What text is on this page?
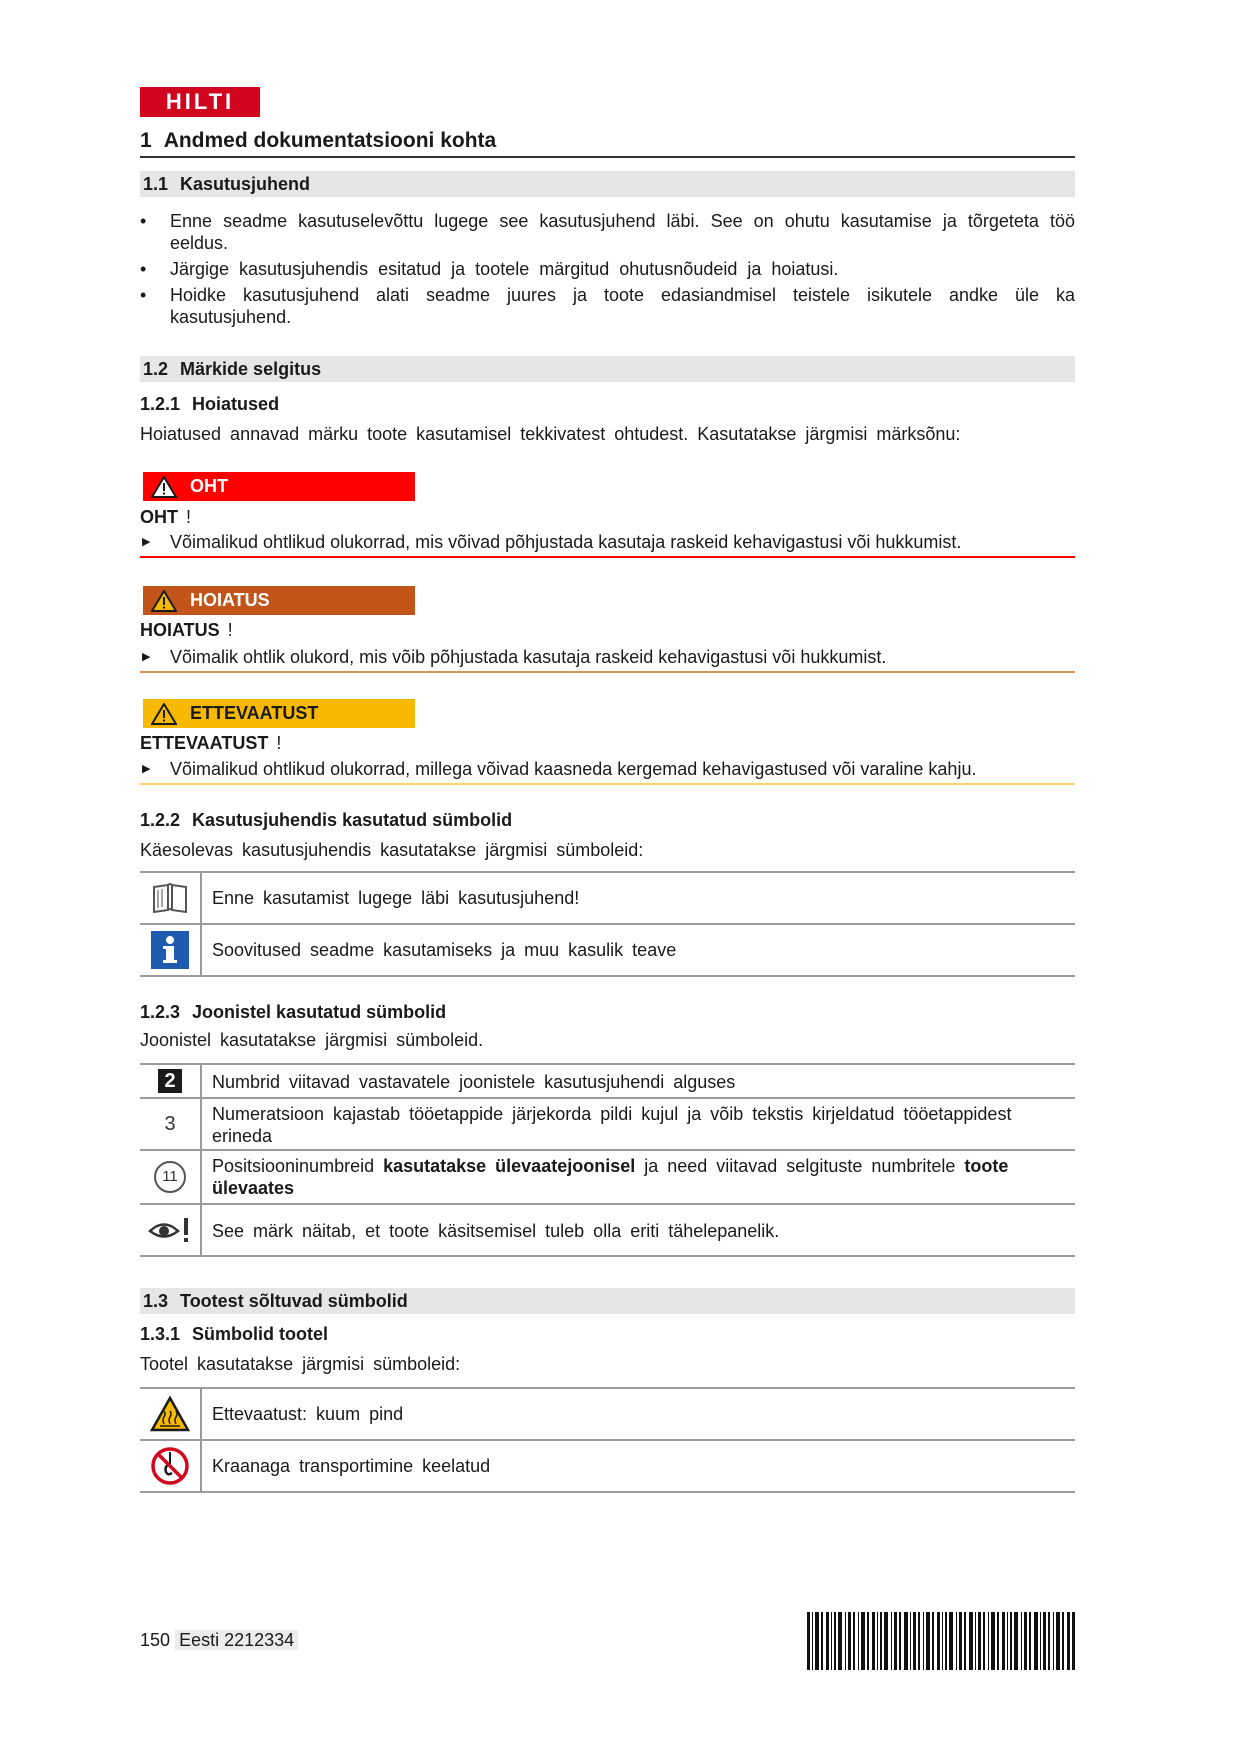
HILTI
1 Andmed dokumentatsiooni kohta
1.1 Kasutusjuhend
• Enne seadme kasutuselevõttu lugege see kasutusjuhend läbi. See on ohutu kasutamise ja tõrgeteta töö eeldus.
• Järgige kasutusjuhendis esitatud ja tootele märgitud ohutusnõudeid ja hoiatusi.
• Hoidke kasutusjuhend alati seadme juures ja toote edasiandmisel teistele isikutele andke üle ka kasutusjuhend.
1.2 Märkide selgitus
1.2.1 Hoiatused
Hoiatused annavad märku toote kasutamisel tekkivatest ohtudest. Kasutatakse järgmisi märksõnu:
OHT
OHT !
▶ Võimalikud ohtlikud olukorrad, mis võivad põhjustada kasutaja raskeid kehavigastusi või hukkumist.
HOIATUS
HOIATUS !
▶ Võimalik ohtlik olukord, mis võib põhjustada kasutaja raskeid kehavigastusi või hukkumist.
ETTEVAATUST
ETTEVAATUST !
▶ Võimalikud ohtlikud olukorrad, millega võivad kaasneda kergemad kehavigastused või varaline kahju.
1.2.2 Kasutusjuhendis kasutatud sümbolid
Käesolevas kasutusjuhendis kasutatakse järgmisi sümboleid:
Enne kasutamist lugege läbi kasutusjuhend!
Soovitused seadme kasutamiseks ja muu kasulik teave
1.2.3 Joonistel kasutatud sümbolid
Joonistel kasutatakse järgmisi sümboleid.
2	Numbrid viitavad vastavatele joonistele kasutusjuhendi alguses
3 Numeratsioon kajastab tööetappide järjekorda pildi kujul ja võib tekstis kirjeldatud tööetappidest erineda
11
Positsiooninumbreid kasutatakse ülevaatejoonisel ja need viitavad selgituste numbritele toote ülevaates
See märk näitab, et toote käsitsemisel tuleb olla eriti tähelepanelik.
1.3 Tootest sõltuvad sümbolid
1.3.1 Sümbolid tootel
Tootel kasutatakse järgmisi sümboleid:
Ettevaatust: kuum pind
Kraanaga transportimine keelatud
150 Eesti 2212334
